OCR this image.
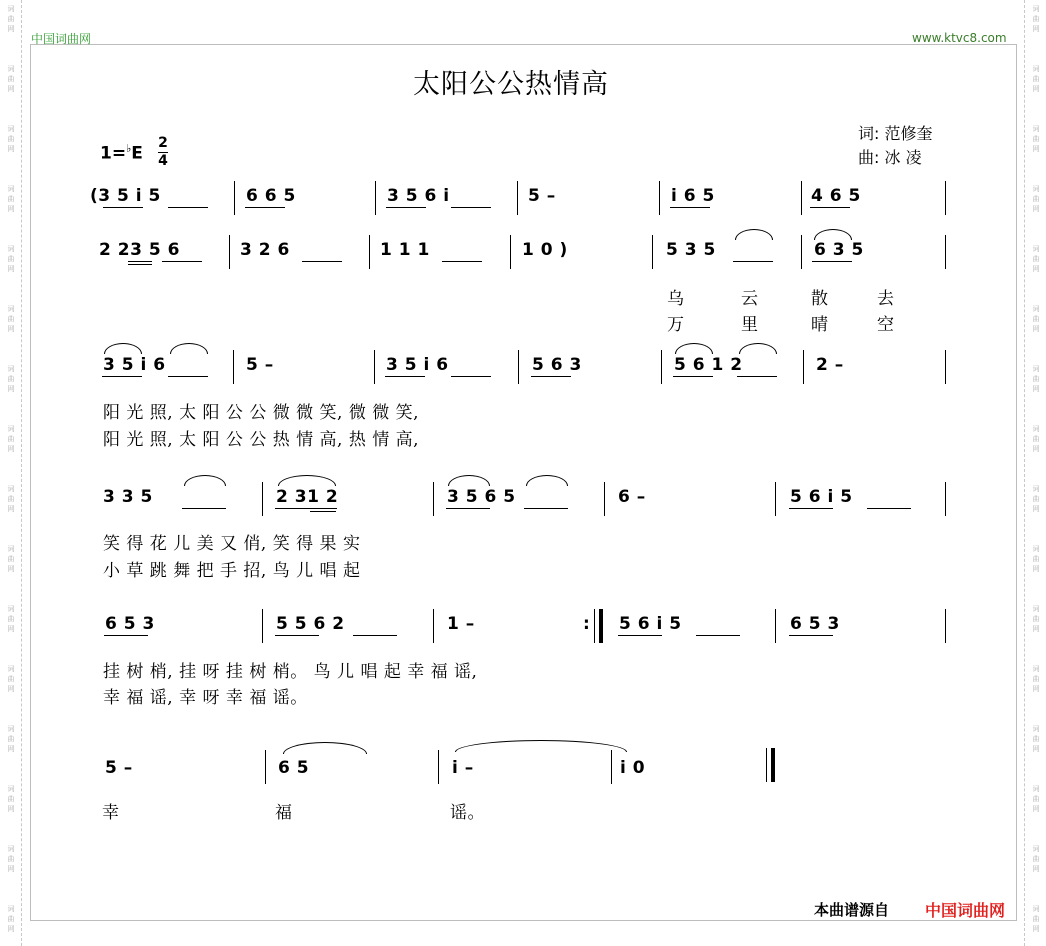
词
曲
网
词
曲
网
词
曲
网
词
曲
网
词
曲
网
词
曲
网
词
曲
网
词
曲
网
词
曲
网
词
曲
网
词
曲
网
词
曲
网
词
曲
网
词
曲
网
词
曲
网
词
曲
网
词
曲
网
词
曲
网
词
曲
网
词
曲
网
词
曲
网
词
曲
网
词
曲
网
词
曲
网
词
曲
网
词
曲
网
词
曲
网
词
曲
网
词
曲
网
词
曲
网
词
曲
网
词
曲
网
中国词曲网	www.ktvc8.com
太阳公公热情高
词: 范修奎
曲: 冰 凌
1=♭E
2
4
(3 5 i 5	6 6 5	3 5 6 i	5 –	i 6 5	4 6 5
2 23 5 6	3 2 6	1 1 1	1 0 )	5 3 5	6 3 5
乌	云	散	去
万	里	晴	空
3 5 i 6	5 –	3 5 i 6	5 6 3	5 6 1 2	2 –
阳 光 照, 太 阳 公 公 微 微 笑, 微 微 笑,
阳 光 照, 太 阳 公 公 热 情 高, 热 情 高,
3 3 5	2 31 2	3 5 6 5	6 –	5 6 i 5
笑 得 花 儿 美 又 俏, 笑 得 果 实
小 草 跳 舞 把 手 招, 鸟 儿 唱 起
6 5 3	5 5 6 2	1 –	: 5 6 i 5	6 5 3
挂 树 梢, 挂 呀 挂 树 梢。 鸟 儿 唱 起 幸 福 谣,
幸 福 谣, 幸 呀 幸 福 谣。
5 –	6 5	i –	i 0
幸	福	谣。
本曲谱源自 中国词曲网
